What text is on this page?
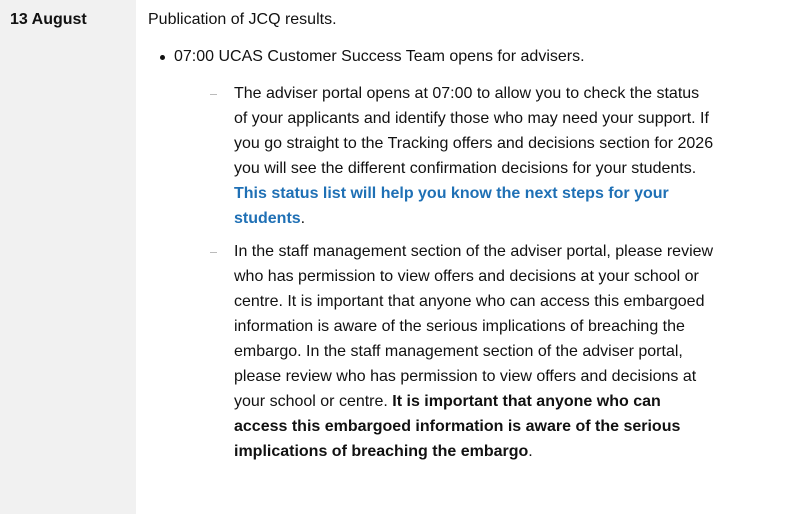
13 August	Publication of JCQ results.

07:00 UCAS Customer Success Team opens for advisers.
The adviser portal opens at 07:00 to allow you to check the status of your applicants and identify those who may need your support. If you go straight to the Tracking offers and decisions section for 2026 you will see the different confirmation decisions for your students. This status list will help you know the next steps for your students.
In the staff management section of the adviser portal, please review who has permission to view offers and decisions at your school or centre. It is important that anyone who can access this embargoed information is aware of the serious implications of breaching the embargo. In the staff management section of the adviser portal, please review who has permission to view offers and decisions at your school or centre. It is important that anyone who can access this embargoed information is aware of the serious implications of breaching the embargo.
